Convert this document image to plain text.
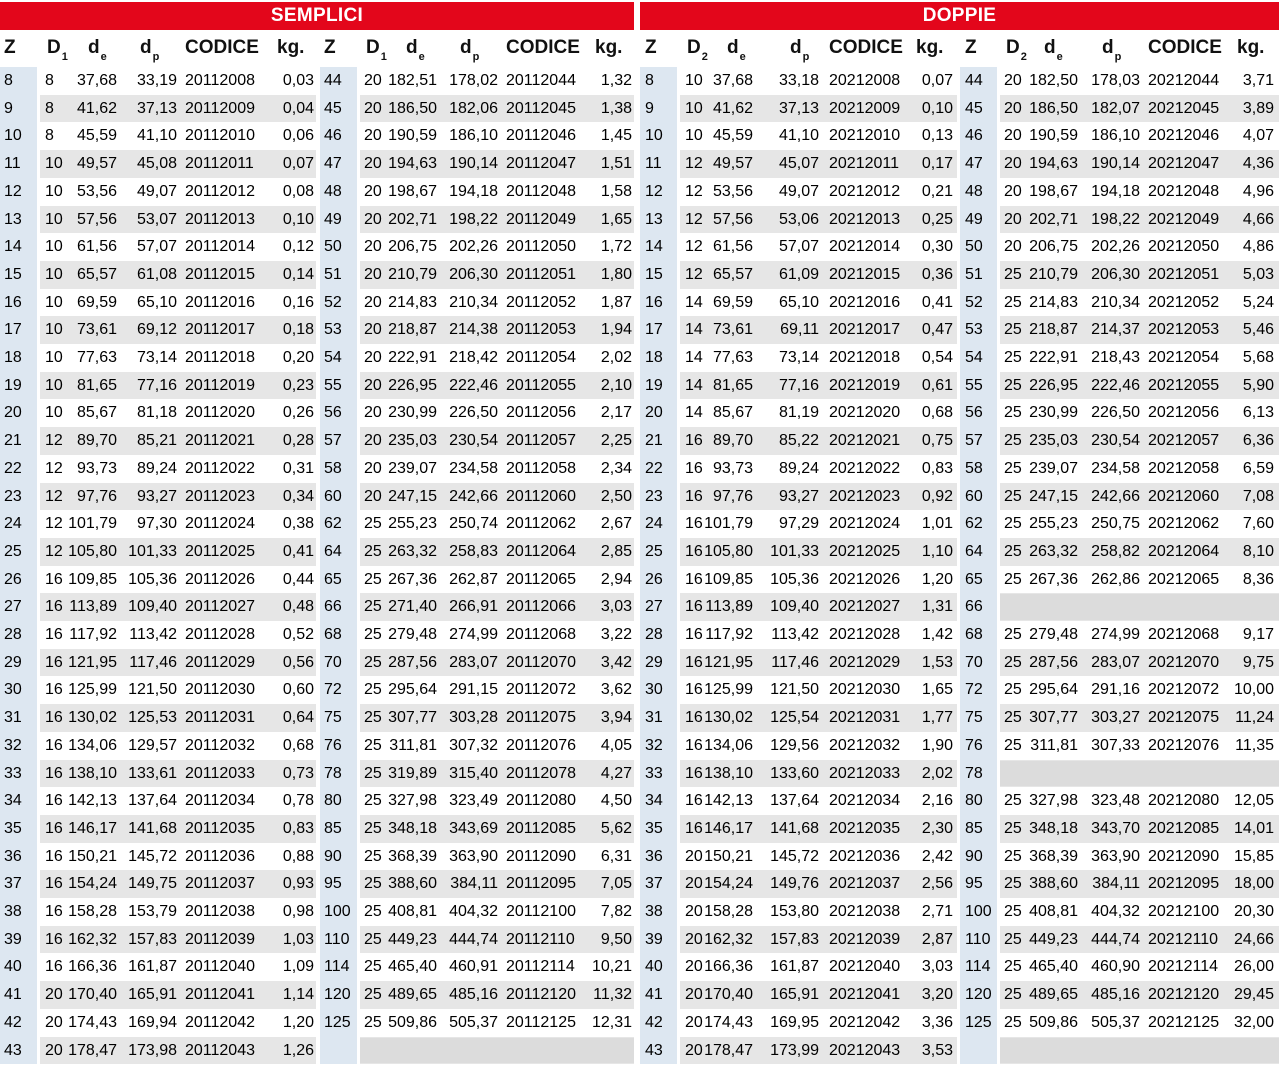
SEMPLICI	DOPPIE
Z $D_1$ $d_e$ $d_p$ CODICE kg. Z $D_1$ $d_e$ $d_p$ CODICE kg. Z $D_2$ $d_e$ $d_p$ CODICE kg. Z $D_2$ $d_e$ $d_p$ CODICE kg.
8	8	37,68	33,19 20112008	0,03
9	8	41,62	37,13 20112009	0,04
10	8	45,59	41,10 20112010	0,06
11	10 49,57	45,08 20112011	0,07
12	10 53,56	49,07 20112012	0,08
13	10 57,56	53,07 20112013	0,10
14	10 61,56	57,07 20112014	0,12
15	10 65,57	61,08 20112015	0,14
16	10 69,59	65,10 20112016	0,16
17	10 73,61	69,12 20112017	0,18
18	10 77,63	73,14 20112018	0,20
19	10 81,65	77,16 20112019	0,23
20	10 85,67	81,18 20112020	0,26
21	12 89,70	85,21 20112021	0,28
22	12 93,73	89,24 20112022	0,31
23	12 97,76	93,27 20112023	0,34
24	12 101,79	97,30 20112024	0,38
25	12 105,80 101,33 20112025	0,41
26	16 109,85 105,36 20112026	0,44
27	16 113,89 109,40 20112027	0,48
28	16 117,92 113,42 20112028	0,52
29	16 121,95 117,46 20112029	0,56
30	16 125,99 121,50 20112030	0,60
31	16 130,02 125,53 20112031	0,64
32	16 134,06 129,57 20112032	0,68
33	16 138,10 133,61 20112033	0,73
34	16 142,13 137,64 20112034	0,78
35	16 146,17 141,68 20112035	0,83
36	16 150,21 145,72 20112036	0,88
37	16 154,24 149,75 20112037	0,93
38	16 158,28 153,79 20112038	0,98
39	16 162,32 157,83 20112039	1,03
40	16 166,36 161,87 20112040	1,09
41	20 170,40 165,91 20112041	1,14
42	20 174,43 169,94 20112042	1,20
43	20 178,47 173,98 20112043	1,26
44	20 182,51 178,02 20112044	1,32
45	20 186,50 182,06 20112045	1,38
46	20 190,59 186,10 20112046	1,45
47	20 194,63 190,14 20112047	1,51
48	20 198,67 194,18 20112048	1,58
49	20 202,71 198,22 20112049	1,65
50	20 206,75 202,26 20112050	1,72
51	20 210,79 206,30 20112051	1,80
52	20 214,83 210,34 20112052	1,87
53	20 218,87 214,38 20112053	1,94
54	20 222,91 218,42 20112054	2,02
55	20 226,95 222,46 20112055	2,10
56	20 230,99 226,50 20112056	2,17
57	20 235,03 230,54 20112057	2,25
58	20 239,07 234,58 20112058	2,34
60	20 247,15 242,66 20112060	2,50
62	25 255,23 250,74 20112062	2,67
64	25 263,32 258,83 20112064	2,85
65	25 267,36 262,87 20112065	2,94
66	25 271,40 266,91 20112066	3,03
68	25 279,48 274,99 20112068	3,22
70	25 287,56 283,07 20112070	3,42
72	25 295,64 291,15 20112072	3,62
75	25 307,77 303,28 20112075	3,94
76	25 311,81 307,32 20112076	4,05
78	25 319,89 315,40 20112078	4,27
80	25 327,98 323,49 20112080	4,50
85	25 348,18 343,69 20112085	5,62
90	25 368,39 363,90 20112090	6,31
95	25 388,60 384,11 20112095	7,05
100 25 408,81 404,32 20112100	7,82
110 25 449,23 444,74 20112110	9,50
114 25 465,40 460,91 20112114	10,21
120 25 489,65 485,16 20112120	11,32
125 25 509,86 505,37 20112125 12,31
8	10 37,68	33,18 20212008	0,07
9	10 41,62	37,13 20212009	0,10
10	10 45,59	41,10 20212010	0,13
11	12 49,57	45,07 20212011	0,17
12	12 53,56	49,07 20212012	0,21
13	12 57,56	53,06 20212013	0,25
14	12 61,56	57,07 20212014	0,30
15	12 65,57	61,09 20212015	0,36
16	14 69,59	65,10 20212016	0,41
17	14 73,61	69,11 20212017	0,47
18	14 77,63	73,14 20212018	0,54
19	14 81,65	77,16 20212019	0,61
20	14 85,67	81,19 20212020	0,68
21	16 89,70	85,22 20212021	0,75
22	16 93,73	89,24 20212022	0,83
23	16 97,76	93,27 20212023	0,92
24	16 101,79	97,29 20212024	1,01
25	16 105,80 101,33 20212025	1,10
26	16 109,85 105,36 20212026	1,20
27	16 113,89 109,40 20212027	1,31
28	16 117,92 113,42 20212028	1,42
29	16 121,95 117,46 20212029	1,53
30	16 125,99 121,50 20212030	1,65
31	16 130,02 125,54 20212031	1,77
32	16 134,06 129,56 20212032	1,90
33	16 138,10 133,60 20212033	2,02
34	16 142,13 137,64 20212034	2,16
35	16 146,17 141,68 20212035	2,30
36	20 150,21 145,72 20212036	2,42
37	20 154,24 149,76 20212037	2,56
38	20 158,28 153,80 20212038	2,71
39	20 162,32 157,83 20212039	2,87
40	20 166,36 161,87 20212040	3,03
41	20 170,40 165,91 20212041	3,20
42	20 174,43 169,95 20212042	3,36
43	20 178,47 173,99 20212043	3,53
44	20 182,50 178,03 20212044	3,71
45	20 186,50 182,07 20212045	3,89
46	20 190,59 186,10 20212046	4,07
47	20 194,63 190,14 20212047	4,36
48	20 198,67 194,18 20212048	4,96
49	20 202,71 198,22 20212049	4,66
50	20 206,75 202,26 20212050	4,86
51	25 210,79 206,30 20212051	5,03
52	25 214,83 210,34 20212052	5,24
53	25 218,87 214,37 20212053	5,46
54	25 222,91 218,43 20212054	5,68
55	25 226,95 222,46 20212055	5,90
56	25 230,99 226,50 20212056	6,13
57	25 235,03 230,54 20212057	6,36
58	25 239,07 234,58 20212058	6,59
60	25 247,15 242,66 20212060	7,08
62	25 255,23 250,75 20212062	7,60
64	25 263,32 258,82 20212064	8,10
65	25 267,36 262,86 20212065	8,36
66
68	25 279,48 274,99 20212068	9,17
70	25 287,56 283,07 20212070	9,75
72	25 295,64 291,16 20212072 10,00
75	25 307,77 303,27 20212075 11,24
76	25 311,81 307,33 20212076 11,35
78
80	25 327,98 323,48 20212080 12,05
85	25 348,18 343,70 20212085 14,01
90	25 368,39 363,90 20212090 15,85
95	25 388,60 384,11 20212095 18,00
100 25 408,81 404,32 20212100 20,30
110 25 449,23 444,74 20212110 24,66
114 25 465,40 460,90 20212114 26,00
120 25 489,65 485,16 20212120 29,45
125 25 509,86 505,37 20212125 32,00
